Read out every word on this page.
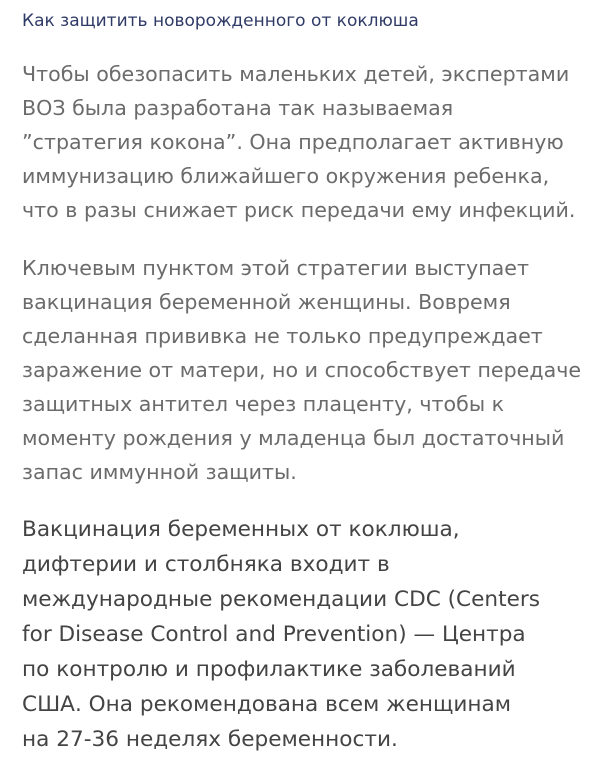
Как защитить новорожденного от коклюша

Чтобы обезопасить маленьких детей, экспертами

ВОЗ была разработана так называемая

”стратегия кокона”. Она предполагает активную

иммунизацию ближайшего окружения ребенка,

что в разы снижает риск передачи ему инфекций.

Ключевым пунктом этой стратегии выступает

вакцинация беременной женщины. Вовремя

сделанная прививка не только предупреждает

заражение от матери, но и способствует передаче

защитных антител через плаценту, чтобы к

моменту рождения у младенца был достаточный

запас иммунной защиты.

Вакцинация беременных от коклюша,

дифтерии и столбняка входит в

международные рекомендации CDC (Centers

for Disease Control and Prevention) — Центра

по контролю и профилактике заболеваний

США. Она рекомендована всем женщинам

на 27-36 неделях беременности.
